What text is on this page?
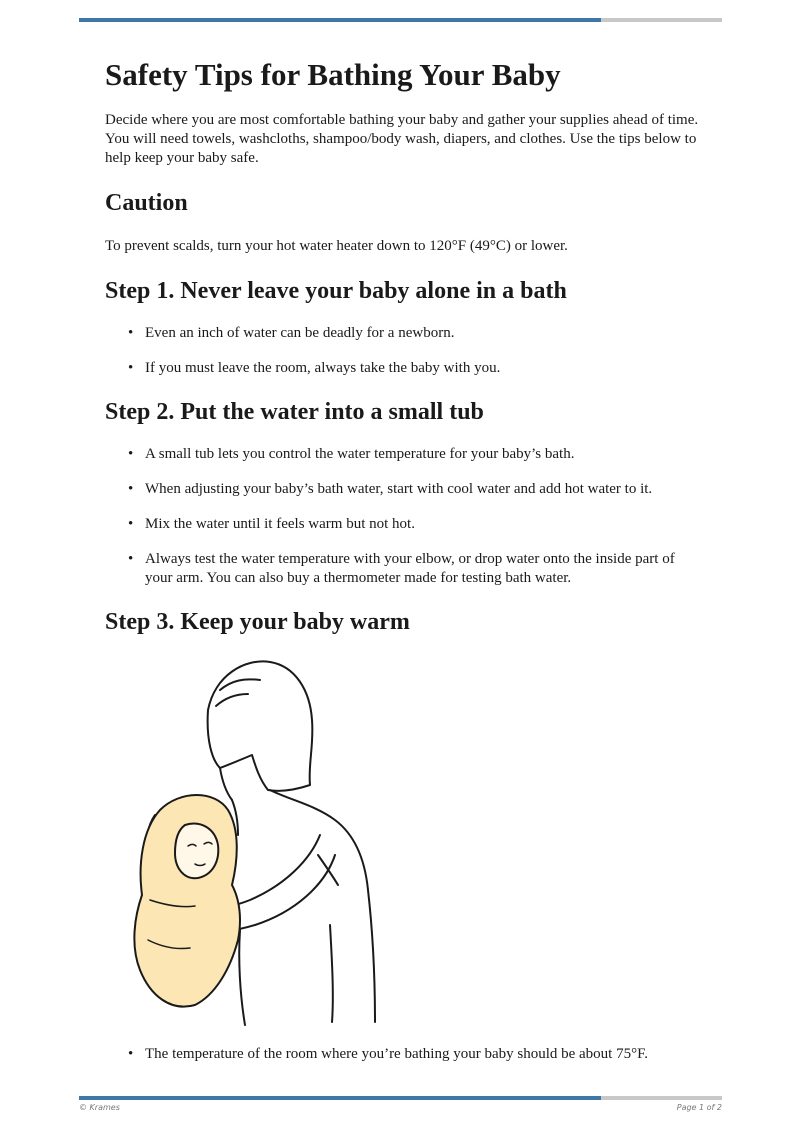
Safety Tips for Bathing Your Baby

Decide where you are most comfortable bathing your baby and gather your supplies ahead of time. You will need towels, washcloths, shampoo/body wash, diapers, and clothes. Use the tips below to help keep your baby safe.

Caution

To prevent scalds, turn your hot water heater down to 120°F (49°C) or lower.

Step 1. Never leave your baby alone in a bath
• Even an inch of water can be deadly for a newborn.
• If you must leave the room, always take the baby with you.
Step 2. Put the water into a small tub
• A small tub lets you control the water temperature for your baby’s bath.
• When adjusting your baby’s bath water, start with cool water and add hot water to it.
• Mix the water until it feels warm but not hot.
• Always test the water temperature with your elbow, or drop water onto the inside part of your arm. You can also buy a thermometer made for testing bath water.
Step 3. Keep your baby warm
• The temperature of the room where you’re bathing your baby should be about 75°F.
© Krames	Page 1 of 2
